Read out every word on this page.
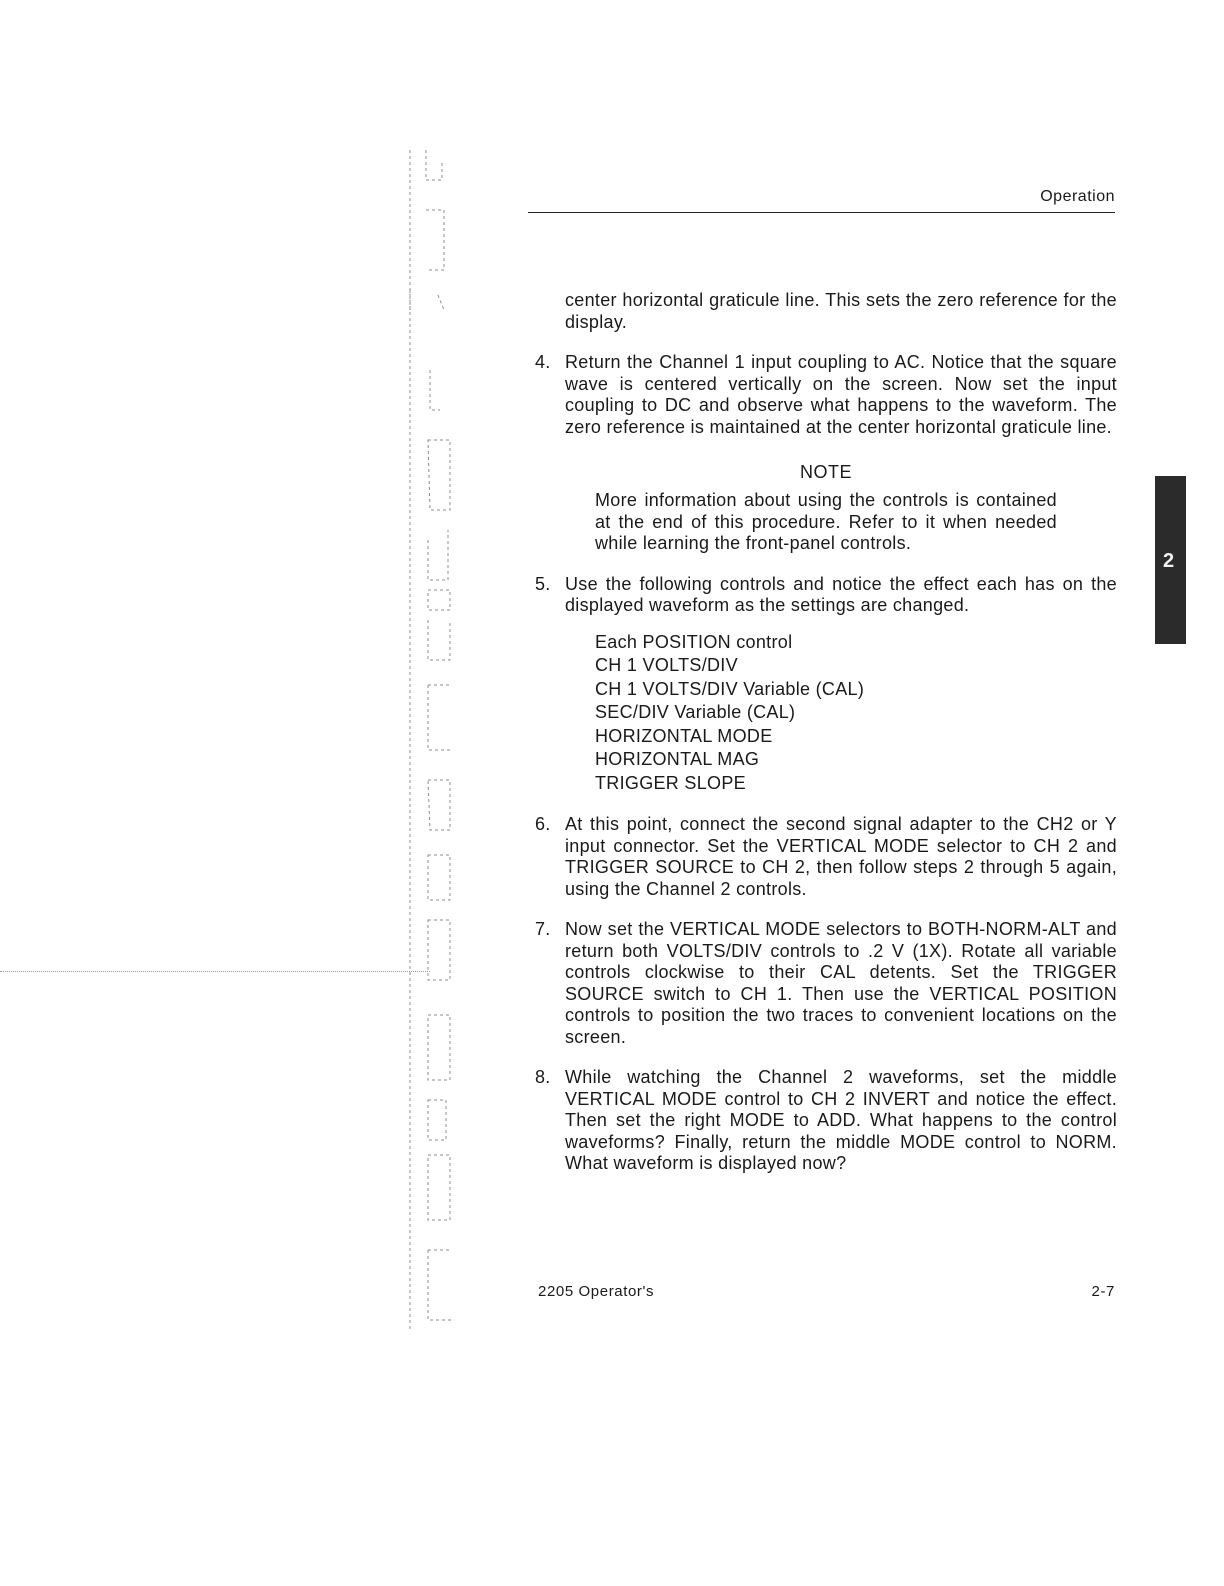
Operation

center horizontal graticule line. This sets the zero reference for the display.

4. Return the Channel 1 input coupling to AC. Notice that the square wave is centered vertically on the screen. Now set the input coupling to DC and observe what happens to the waveform. The zero reference is maintained at the center horizontal graticule line.
NOTE
More information about using the controls is contained at the end of this procedure. Refer to it when needed while learning the front-panel controls.
5. Use the following controls and notice the effect each has on the displayed waveform as the settings are changed.
Each POSITION control
CH 1 VOLTS/DIV
CH 1 VOLTS/DIV Variable (CAL)
SEC/DIV Variable (CAL)
HORIZONTAL MODE
HORIZONTAL MAG
TRIGGER SLOPE
6. At this point, connect the second signal adapter to the CH2 or Y input connector. Set the VERTICAL MODE selector to CH 2 and TRIGGER SOURCE to CH 2, then follow steps 2 through 5 again, using the Channel 2 controls.
7. Now set the VERTICAL MODE selectors to BOTH-NORM-ALT and return both VOLTS/DIV controls to .2 V (1X). Rotate all variable controls clockwise to their CAL detents. Set the TRIGGER SOURCE switch to CH 1. Then use the VERTICAL POSITION controls to position the two traces to convenient locations on the screen.
8. While watching the Channel 2 waveforms, set the middle VERTICAL MODE control to CH 2 INVERT and notice the effect. Then set the right MODE to ADD. What happens to the control waveforms? Finally, return the middle MODE control to NORM. What waveform is displayed now?
2205 Operator's	2-7
2
